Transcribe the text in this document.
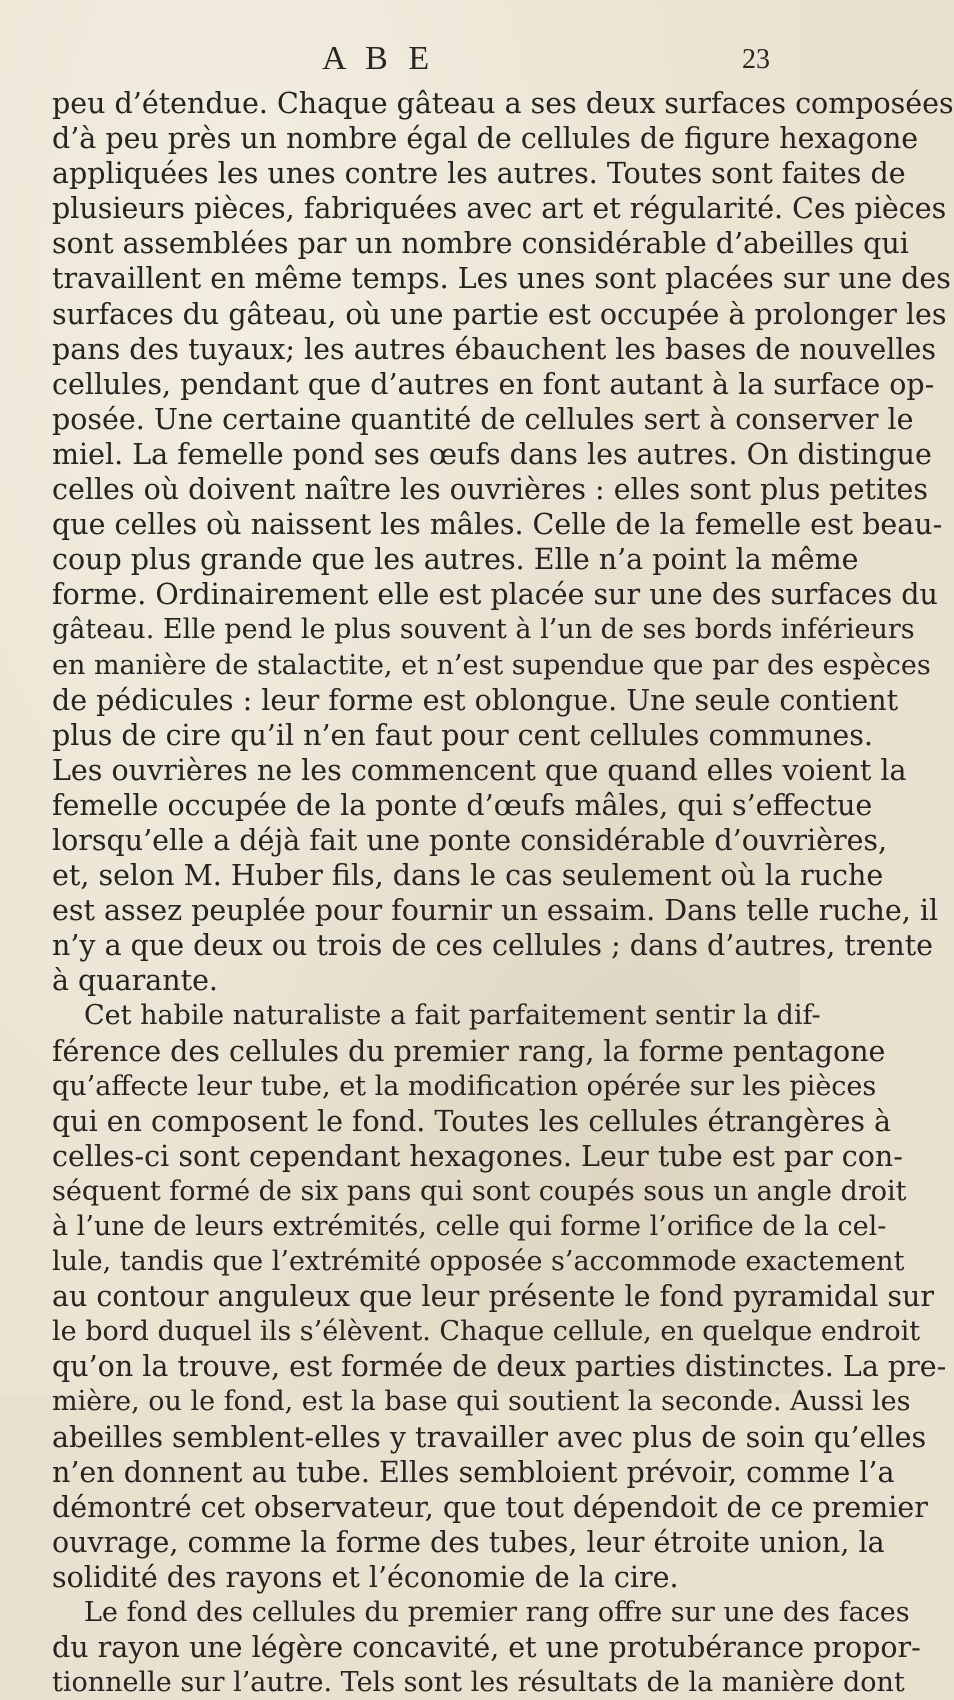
A B E	23
peu d’étendue. Chaque gâteau a ses deux surfaces composées
d’à peu près un nombre égal de cellules de figure hexagone
appliquées les unes contre les autres. Toutes sont faites de
plusieurs pièces, fabriquées avec art et régularité. Ces pièces
sont assemblées par un nombre considérable d’abeilles qui
travaillent en même temps. Les unes sont placées sur une des
surfaces du gâteau, où une partie est occupée à prolonger les
pans des tuyaux; les autres ébauchent les bases de nouvelles
cellules, pendant que d’autres en font autant à la surface op-
posée. Une certaine quantité de cellules sert à conserver le
miel. La femelle pond ses œufs dans les autres. On distingue
celles où doivent naître les ouvrières : elles sont plus petites
que celles où naissent les mâles. Celle de la femelle est beau-
coup plus grande que les autres. Elle n’a point la même
forme. Ordinairement elle est placée sur une des surfaces du
gâteau. Elle pend le plus souvent à l’un de ses bords inférieurs
en manière de stalactite, et n’est supendue que par des espèces
de pédicules : leur forme est oblongue. Une seule contient
plus de cire qu’il n’en faut pour cent cellules communes.
Les ouvrières ne les commencent que quand elles voient la
femelle occupée de la ponte d’œufs mâles, qui s’effectue
lorsqu’elle a déjà fait une ponte considérable d’ouvrières,
et, selon M. Huber fils, dans le cas seulement où la ruche
est assez peuplée pour fournir un essaim. Dans telle ruche, il
n’y a que deux ou trois de ces cellules ; dans d’autres, trente
à quarante.
Cet habile naturaliste a fait parfaitement sentir la dif-
férence des cellules du premier rang, la forme pentagone
qu’affecte leur tube, et la modification opérée sur les pièces
qui en composent le fond. Toutes les cellules étrangères à
celles-ci sont cependant hexagones. Leur tube est par con-
séquent formé de six pans qui sont coupés sous un angle droit
à l’une de leurs extrémités, celle qui forme l’orifice de la cel-
lule, tandis que l’extrémité opposée s’accommode exactement
au contour anguleux que leur présente le fond pyramidal sur
le bord duquel ils s’élèvent. Chaque cellule, en quelque endroit
qu’on la trouve, est formée de deux parties distinctes. La pre-
mière, ou le fond, est la base qui soutient la seconde. Aussi les
abeilles semblent-elles y travailler avec plus de soin qu’elles
n’en donnent au tube. Elles sembloient prévoir, comme l’a
démontré cet observateur, que tout dépendoit de ce premier
ouvrage, comme la forme des tubes, leur étroite union, la
solidité des rayons et l’économie de la cire.
Le fond des cellules du premier rang offre sur une des faces
du rayon une légère concavité, et une protubérance propor-
tionnelle sur l’autre. Tels sont les résultats de la manière dont
